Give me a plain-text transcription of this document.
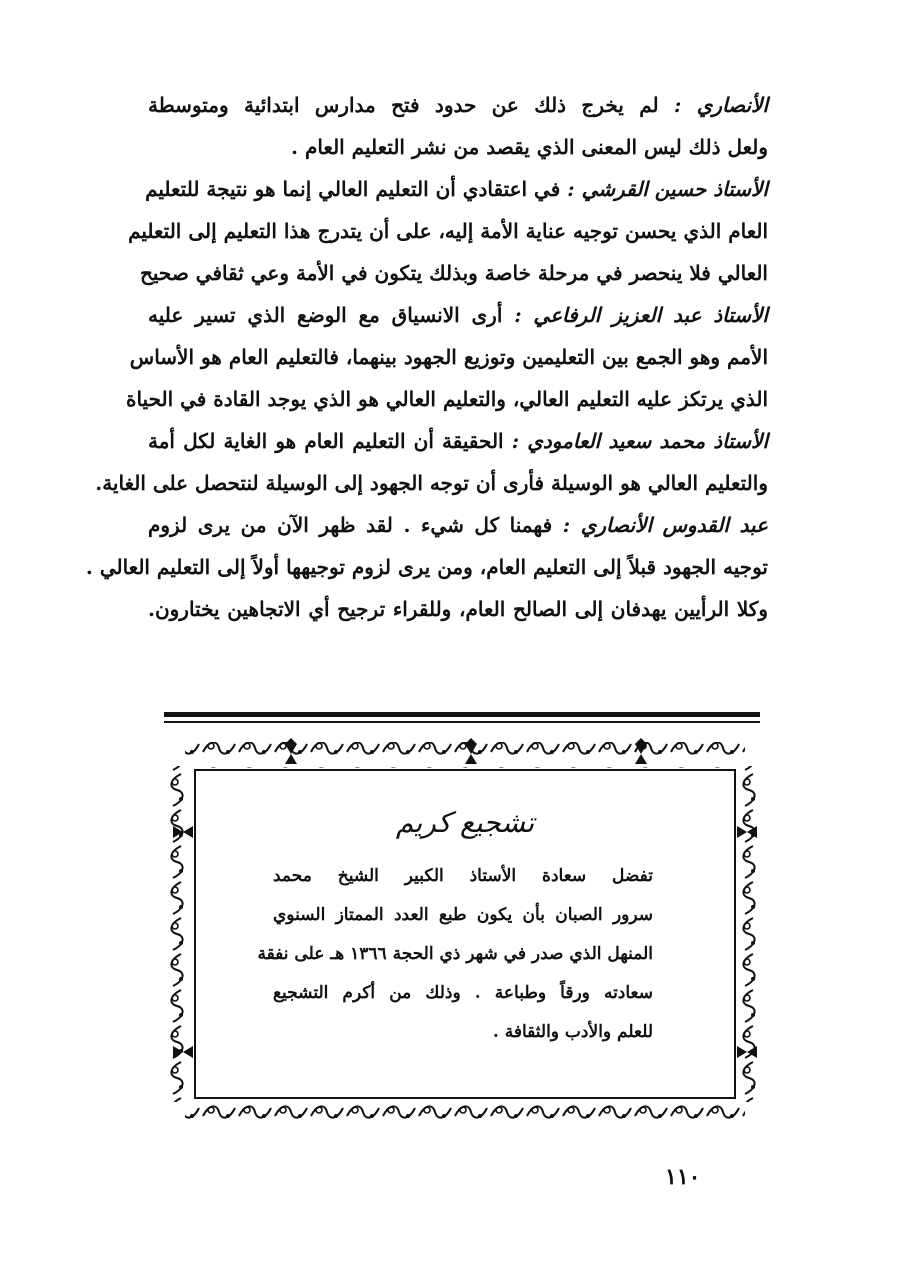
الأنصاري : لم يخرج ذلك عن حدود فتح مدارس ابتدائية ومتوسطة
ولعل ذلك ليس المعنى الذي يقصد من نشر التعليم العام .
الأستاذ حسين القرشي : في اعتقادي أن التعليم العالي إنما هو نتيجة للتعليم
العام الذي يحسن توجيه عناية الأمة إليه، على أن يتدرج هذا التعليم إلى التعليم
العالي فلا ينحصر في مرحلة خاصة وبذلك يتكون في الأمة وعي ثقافي صحيح
الأستاذ عبد العزيز الرفاعي : أرى الانسياق مع الوضع الذي تسير عليه
الأمم وهو الجمع بين التعليمين وتوزيع الجهود بينهما، فالتعليم العام هو الأساس
الذي يرتكز عليه التعليم العالي، والتعليم العالي هو الذي يوجد القادة في الحياة
الأستاذ محمد سعيد العامودي : الحقيقة أن التعليم العام هو الغاية لكل أمة
والتعليم العالي هو الوسيلة فأرى أن توجه الجهود إلى الوسيلة لنتحصل على الغاية.
عبد القدوس الأنصاري : فهمنا كل شيء . لقد ظهر الآن من يرى لزوم
توجيه الجهود قبلاً إلى التعليم العام، ومن يرى لزوم توجيهها أولاً إلى التعليم العالي .
وكلا الرأيين يهدفان إلى الصالح العام، وللقراء ترجيح أي الاتجاهين يختارون.
تشجيع كريم
تفضل سعادة الأستاذ الكبير الشيخ محمد
سرور الصبان بأن يكون طبع العدد الممتاز السنوي
المنهل الذي صدر في شهر ذي الحجة ١٣٦٦ هـ على نفقة
سعادته ورقاً وطباعة . وذلك من أكرم التشجيع
للعلم والأدب والثقافة .
١١٠
